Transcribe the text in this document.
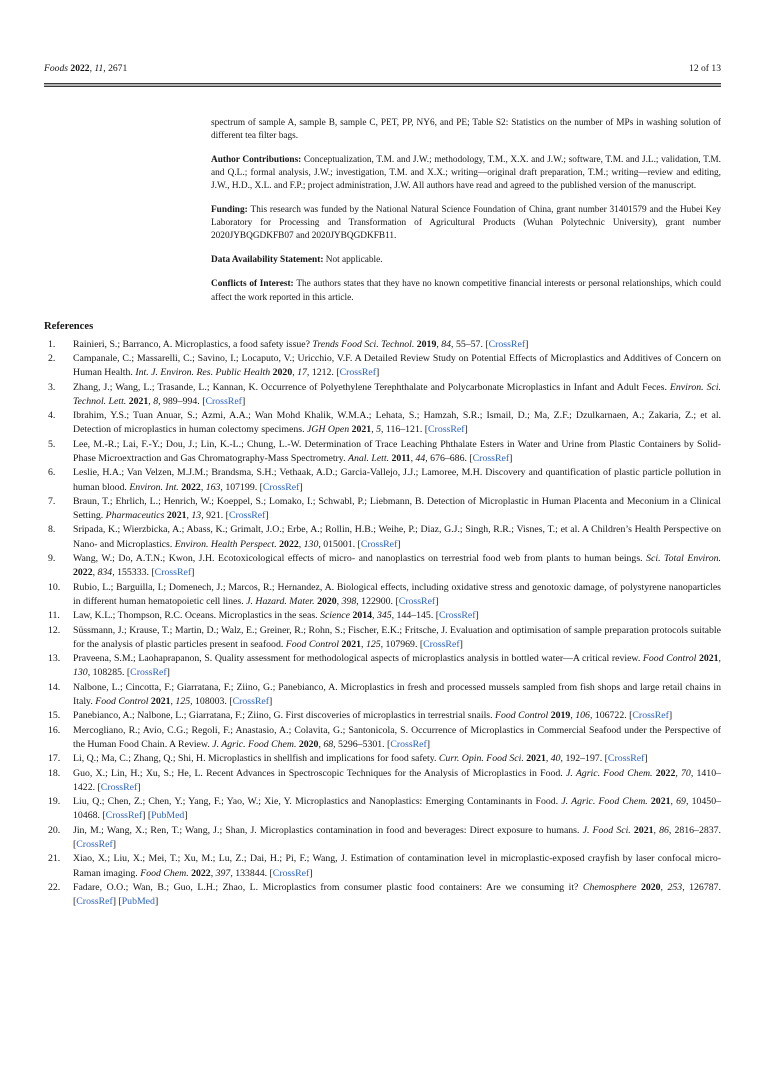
Foods 2022, 11, 2671	12 of 13

spectrum of sample A, sample B, sample C, PET, PP, NY6, and PE; Table S2: Statistics on the number of MPs in washing solution of different tea filter bags.

Author Contributions: Conceptualization, T.M. and J.W.; methodology, T.M., X.X. and J.W.; software, T.M. and J.L.; validation, T.M. and Q.L.; formal analysis, J.W.; investigation, T.M. and X.X.; writing—original draft preparation, T.M.; writing—review and editing, J.W., H.D., X.L. and F.P.; project administration, J.W. All authors have read and agreed to the published version of the manuscript.

Funding: This research was funded by the National Natural Science Foundation of China, grant number 31401579 and the Hubei Key Laboratory for Processing and Transformation of Agricultural Products (Wuhan Polytechnic University), grant number 2020JYBQGDKFB07 and 2020JYBQGDKFB11.

Data Availability Statement: Not applicable.

Conflicts of Interest: The authors states that they have no known competitive financial interests or personal relationships, which could affect the work reported in this article.

References
1.	Rainieri, S.; Barranco, A. Microplastics, a food safety issue? Trends Food Sci. Technol. 2019, 84, 55–57. [CrossRef]
2.	Campanale, C.; Massarelli, C.; Savino, I.; Locaputo, V.; Uricchio, V.F. A Detailed Review Study on Potential Effects of Microplastics and Additives of Concern on Human Health. Int. J. Environ. Res. Public Health 2020, 17, 1212. [CrossRef]
3.	Zhang, J.; Wang, L.; Trasande, L.; Kannan, K. Occurrence of Polyethylene Terephthalate and Polycarbonate Microplastics in Infant and Adult Feces. Environ. Sci. Technol. Lett. 2021, 8, 989–994. [CrossRef]
4.	Ibrahim, Y.S.; Tuan Anuar, S.; Azmi, A.A.; Wan Mohd Khalik, W.M.A.; Lehata, S.; Hamzah, S.R.; Ismail, D.; Ma, Z.F.; Dzulkarnaen, A.; Zakaria, Z.; et al. Detection of microplastics in human colectomy specimens. JGH Open 2021, 5, 116–121. [CrossRef]
5.	Lee, M.-R.; Lai, F.-Y.; Dou, J.; Lin, K.-L.; Chung, L.-W. Determination of Trace Leaching Phthalate Esters in Water and Urine from Plastic Containers by Solid-Phase Microextraction and Gas Chromatography-Mass Spectrometry. Anal. Lett. 2011, 44, 676–686. [CrossRef]
6.	Leslie, H.A.; Van Velzen, M.J.M.; Brandsma, S.H.; Vethaak, A.D.; Garcia-Vallejo, J.J.; Lamoree, M.H. Discovery and quantification of plastic particle pollution in human blood. Environ. Int. 2022, 163, 107199. [CrossRef]
7.	Braun, T.; Ehrlich, L.; Henrich, W.; Koeppel, S.; Lomako, I.; Schwabl, P.; Liebmann, B. Detection of Microplastic in Human Placenta and Meconium in a Clinical Setting. Pharmaceutics 2021, 13, 921. [CrossRef]
8.	Sripada, K.; Wierzbicka, A.; Abass, K.; Grimalt, J.O.; Erbe, A.; Rollin, H.B.; Weihe, P.; Diaz, G.J.; Singh, R.R.; Visnes, T.; et al. A Children’s Health Perspective on Nano- and Microplastics. Environ. Health Perspect. 2022, 130, 015001. [CrossRef]
9.	Wang, W.; Do, A.T.N.; Kwon, J.H. Ecotoxicological effects of micro- and nanoplastics on terrestrial food web from plants to human beings. Sci. Total Environ. 2022, 834, 155333. [CrossRef]
10.	Rubio, L.; Barguilla, I.; Domenech, J.; Marcos, R.; Hernandez, A. Biological effects, including oxidative stress and genotoxic damage, of polystyrene nanoparticles in different human hematopoietic cell lines. J. Hazard. Mater. 2020, 398, 122900. [CrossRef]
11.	Law, K.L.; Thompson, R.C. Oceans. Microplastics in the seas. Science 2014, 345, 144–145. [CrossRef]
12.	Süssmann, J.; Krause, T.; Martin, D.; Walz, E.; Greiner, R.; Rohn, S.; Fischer, E.K.; Fritsche, J. Evaluation and optimisation of sample preparation protocols suitable for the analysis of plastic particles present in seafood. Food Control 2021, 125, 107969. [CrossRef]
13.	Praveena, S.M.; Laohaprapanon, S. Quality assessment for methodological aspects of microplastics analysis in bottled water—A critical review. Food Control 2021, 130, 108285. [CrossRef]
14.	Nalbone, L.; Cincotta, F.; Giarratana, F.; Ziino, G.; Panebianco, A. Microplastics in fresh and processed mussels sampled from fish shops and large retail chains in Italy. Food Control 2021, 125, 108003. [CrossRef]
15.	Panebianco, A.; Nalbone, L.; Giarratana, F.; Ziino, G. First discoveries of microplastics in terrestrial snails. Food Control 2019, 106, 106722. [CrossRef]
16.	Mercogliano, R.; Avio, C.G.; Regoli, F.; Anastasio, A.; Colavita, G.; Santonicola, S. Occurrence of Microplastics in Commercial Seafood under the Perspective of the Human Food Chain. A Review. J. Agric. Food Chem. 2020, 68, 5296–5301. [CrossRef]
17.	Li, Q.; Ma, C.; Zhang, Q.; Shi, H. Microplastics in shellfish and implications for food safety. Curr. Opin. Food Sci. 2021, 40, 192–197. [CrossRef]
18.	Guo, X.; Lin, H.; Xu, S.; He, L. Recent Advances in Spectroscopic Techniques for the Analysis of Microplastics in Food. J. Agric. Food Chem. 2022, 70, 1410–1422. [CrossRef]
19.	Liu, Q.; Chen, Z.; Chen, Y.; Yang, F.; Yao, W.; Xie, Y. Microplastics and Nanoplastics: Emerging Contaminants in Food. J. Agric. Food Chem. 2021, 69, 10450–10468. [CrossRef] [PubMed]
20.	Jin, M.; Wang, X.; Ren, T.; Wang, J.; Shan, J. Microplastics contamination in food and beverages: Direct exposure to humans. J. Food Sci. 2021, 86, 2816–2837. [CrossRef]
21.	Xiao, X.; Liu, X.; Mei, T.; Xu, M.; Lu, Z.; Dai, H.; Pi, F.; Wang, J. Estimation of contamination level in microplastic-exposed crayfish by laser confocal micro-Raman imaging. Food Chem. 2022, 397, 133844. [CrossRef]
22.	Fadare, O.O.; Wan, B.; Guo, L.H.; Zhao, L. Microplastics from consumer plastic food containers: Are we consuming it? Chemosphere 2020, 253, 126787. [CrossRef] [PubMed]
